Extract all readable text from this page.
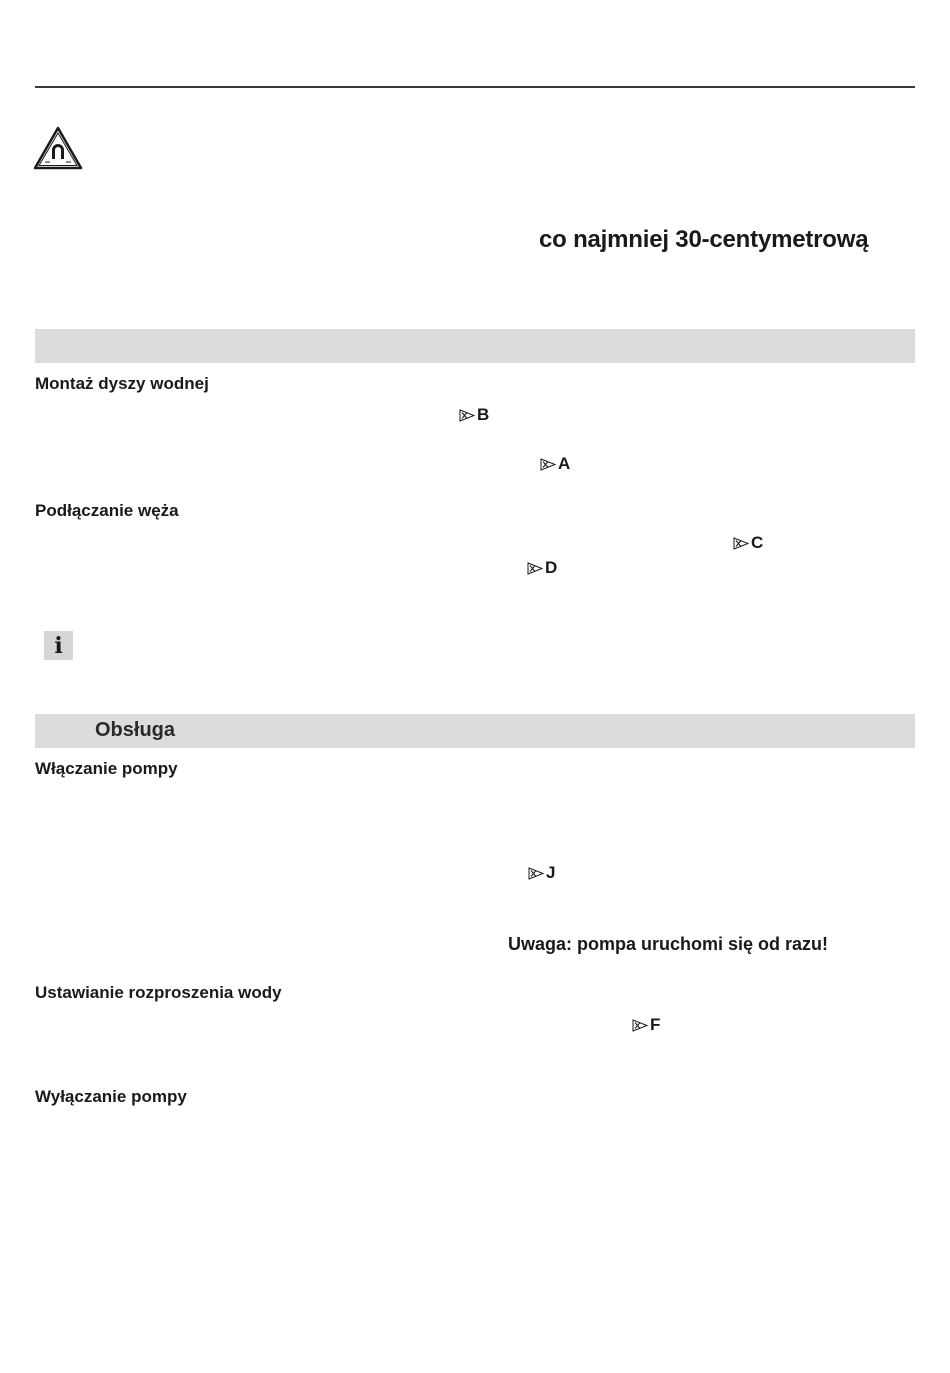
co najmniej 30-centymetrową
Montaż dyszy wodnej
B
A
Podłączanie węża
C
D
i
Obsługa
Włączanie pompy
J
Uwaga: pompa uruchomi się od razu!
Ustawianie rozproszenia wody
F
Wyłączanie pompy
